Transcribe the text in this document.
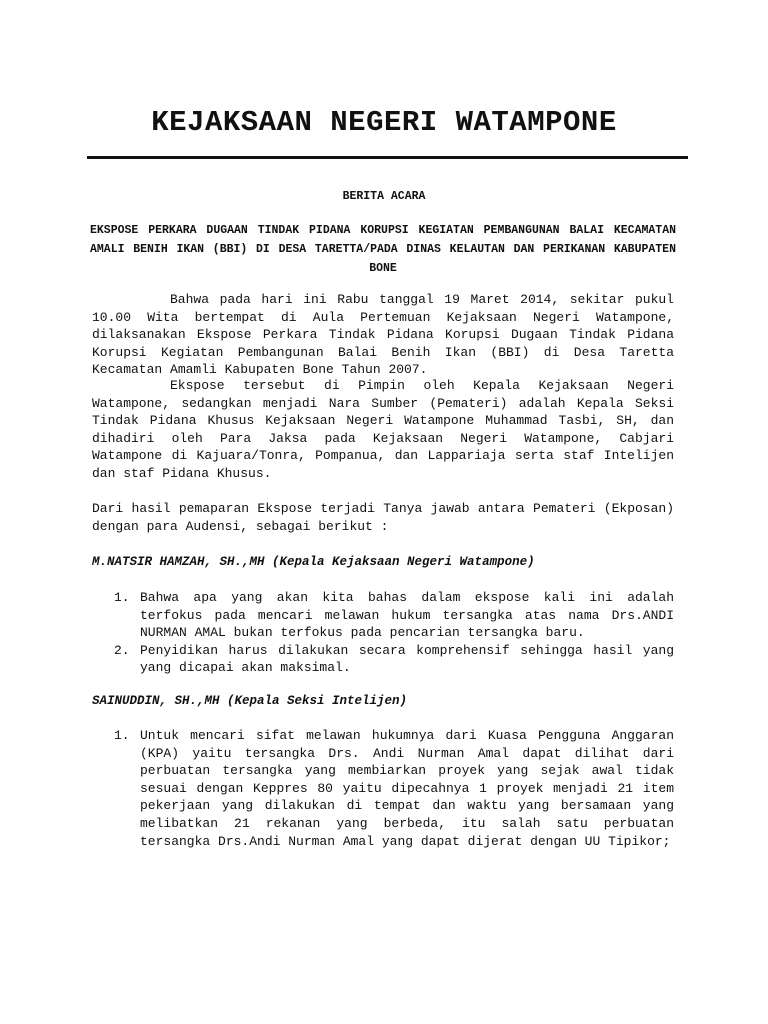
KEJAKSAAN NEGERI WATAMPONE
BERITA ACARA
EKSPOSE PERKARA DUGAAN TINDAK PIDANA KORUPSI KEGIATAN PEMBANGUNAN BALAI KECAMATAN AMALI BENIH IKAN (BBI) DI DESA TARETTA/PADA DINAS KELAUTAN DAN PERIKANAN KABUPATEN BONE

Bahwa pada hari ini Rabu tanggal 19 Maret 2014, sekitar pukul 10.00 Wita bertempat di Aula Pertemuan Kejaksaan Negeri Watampone, dilaksanakan Ekspose Perkara Tindak Pidana Korupsi Dugaan Tindak Pidana Korupsi Kegiatan Pembangunan Balai Benih Ikan (BBI) di Desa Taretta Kecamatan Amamli Kabupaten Bone Tahun 2007.

Ekspose tersebut di Pimpin oleh Kepala Kejaksaan Negeri Watampone, sedangkan menjadi Nara Sumber (Pemateri) adalah Kepala Seksi Tindak Pidana Khusus Kejaksaan Negeri Watampone Muhammad Tasbi, SH, dan dihadiri oleh Para Jaksa pada Kejaksaan Negeri Watampone, Cabjari Watampone di Kajuara/Tonra, Pompanua, dan Lappariaja serta staf Intelijen dan staf Pidana Khusus.

Dari hasil pemaparan Ekspose terjadi Tanya jawab antara Pemateri (Ekposan) dengan para Audensi, sebagai berikut :

M.NATSIR HAMZAH, SH.,MH (Kepala Kejaksaan Negeri Watampone)
1. Bahwa apa yang akan kita bahas dalam ekspose kali ini adalah terfokus pada mencari melawan hukum tersangka atas nama Drs.ANDI NURMAN AMAL bukan terfokus pada pencarian tersangka baru.
2. Penyidikan harus dilakukan secara komprehensif sehingga hasil yang yang dicapai akan maksimal.
SAINUDDIN, SH.,MH (Kepala Seksi Intelijen)
1. Untuk mencari sifat melawan hukumnya dari Kuasa Pengguna Anggaran (KPA) yaitu tersangka Drs. Andi Nurman Amal dapat dilihat dari perbuatan tersangka yang membiarkan proyek yang sejak awal tidak sesuai dengan Keppres 80 yaitu dipecahnya 1 proyek menjadi 21 item pekerjaan yang dilakukan di tempat dan waktu yang bersamaan yang melibatkan 21 rekanan yang berbeda, itu salah satu perbuatan tersangka Drs.Andi Nurman Amal yang dapat dijerat dengan UU Tipikor;
